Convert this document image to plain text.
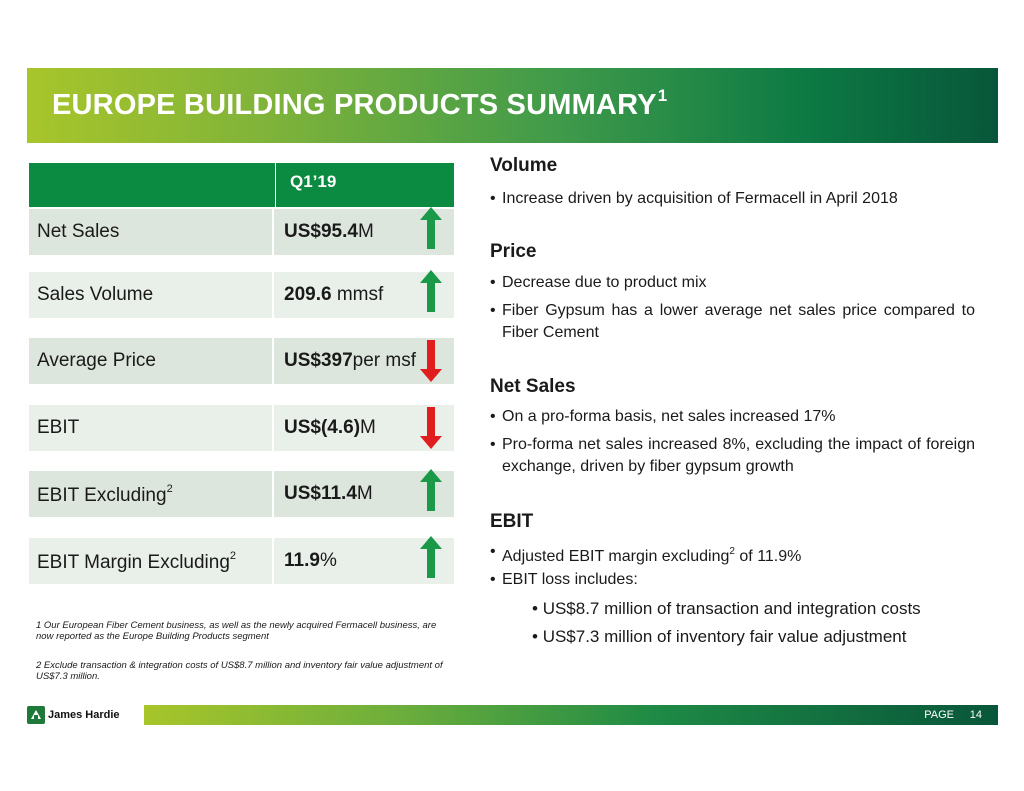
EUROPE BUILDING PRODUCTS SUMMARY$^1$
Q1’19
Net Sales	US$95.4M
Sales Volume	209.6 mmsf
Average Price	US$397per msf
EBIT	US$(4.6)M
EBIT Excluding$^2$	US$11.4M
EBIT Margin Excluding$^2$	11.9%
Volume
• Increase driven by acquisition of Fermacell in April 2018
Price
• Decrease due to product mix
• Fiber Gypsum has a lower average net sales price compared to Fiber Cement
Net Sales
• On a pro-forma basis, net sales increased 17%
• Pro-forma net sales increased 8%, excluding the impact of foreign exchange, driven by fiber gypsum growth
EBIT
• Adjusted EBIT margin excluding$^2$ of 11.9%
• EBIT loss includes:
• US$8.7 million of transaction and integration costs
• US$7.3 million of inventory fair value adjustment
1 Our European Fiber Cement business, as well as the newly acquired Fermacell business, are now reported as the Europe Building Products segment
2 Exclude transaction & integration costs of US$8.7 million and inventory fair value adjustment of US$7.3 million.
James Hardie	PAGE 14
